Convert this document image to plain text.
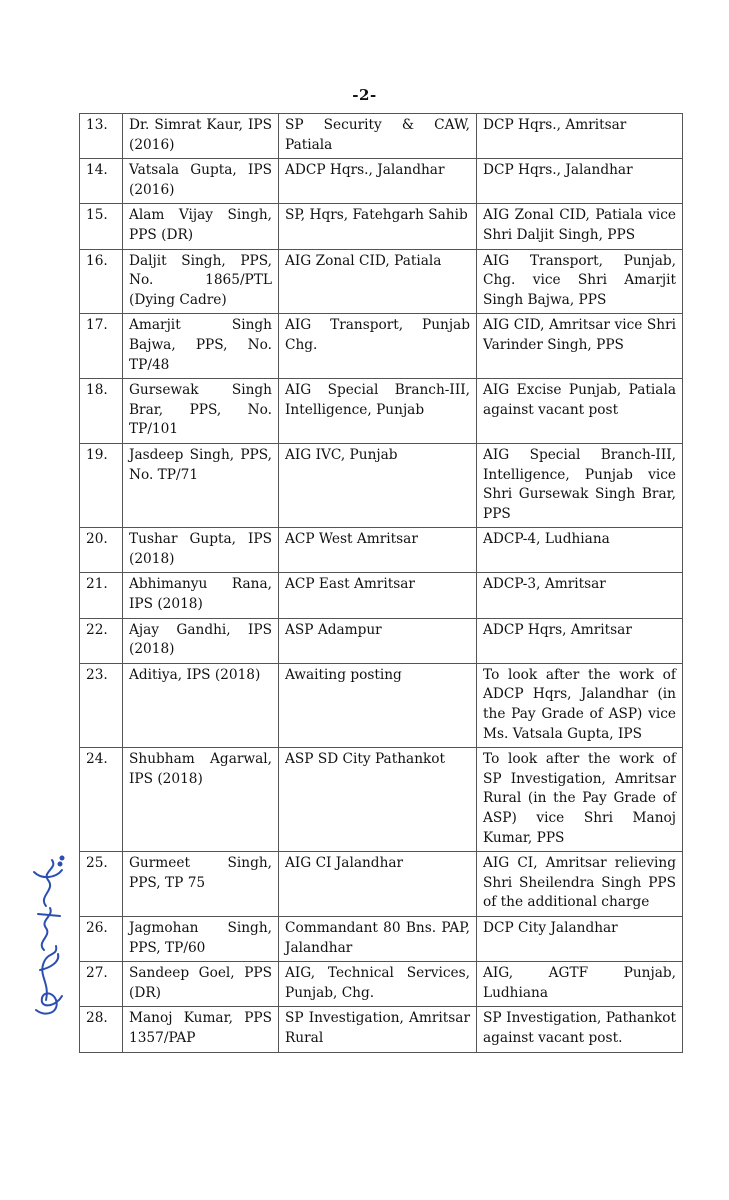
-2-
13.	Dr. Simrat Kaur, IPS (2016)	SP Security & CAW, Patiala	DCP Hqrs., Amritsar
14.	Vatsala Gupta, IPS (2016)	ADCP Hqrs., Jalandhar	DCP Hqrs., Jalandhar
15.	Alam Vijay Singh, PPS (DR)	SP, Hqrs, Fatehgarh Sahib	AIG Zonal CID, Patiala vice Shri Daljit Singh, PPS
16.	Daljit Singh, PPS, No. 1865/PTL (Dying Cadre)	AIG Zonal CID, Patiala	AIG Transport, Punjab, Chg. vice Shri Amarjit Singh Bajwa, PPS
17.	Amarjit Singh Bajwa, PPS, No. TP/48	AIG Transport, Punjab Chg.	AIG CID, Amritsar vice Shri Varinder Singh, PPS
18.	Gursewak Singh Brar, PPS, No. TP/101	AIG Special Branch-III, Intelligence, Punjab	AIG Excise Punjab, Patiala against vacant post
19.	Jasdeep Singh, PPS, No. TP/71	AIG IVC, Punjab	AIG Special Branch-III, Intelligence, Punjab vice Shri Gursewak Singh Brar, PPS
20.	Tushar Gupta, IPS (2018)	ACP West Amritsar	ADCP-4, Ludhiana
21.	Abhimanyu Rana, IPS (2018)	ACP East Amritsar	ADCP-3, Amritsar
22.	Ajay Gandhi, IPS (2018)	ASP Adampur	ADCP Hqrs, Amritsar
23.	Aditiya, IPS (2018)	Awaiting posting	To look after the work of ADCP Hqrs, Jalandhar (in the Pay Grade of ASP) vice Ms. Vatsala Gupta, IPS
24.	Shubham Agarwal, IPS (2018)	ASP SD City Pathankot	To look after the work of SP Investigation, Amritsar Rural (in the Pay Grade of ASP) vice Shri Manoj Kumar, PPS
25.	Gurmeet Singh, PPS, TP 75	AIG CI Jalandhar	AIG CI, Amritsar relieving Shri Sheilendra Singh PPS of the additional charge
26.	Jagmohan Singh, PPS, TP/60	Commandant 80 Bns. PAP, Jalandhar	DCP City Jalandhar
27.	Sandeep Goel, PPS (DR)	AIG, Technical Services, Punjab, Chg.	AIG, AGTF Punjab, Ludhiana
28.	Manoj Kumar, PPS 1357/PAP	SP Investigation, Amritsar Rural	SP Investigation, Pathankot against vacant post.
